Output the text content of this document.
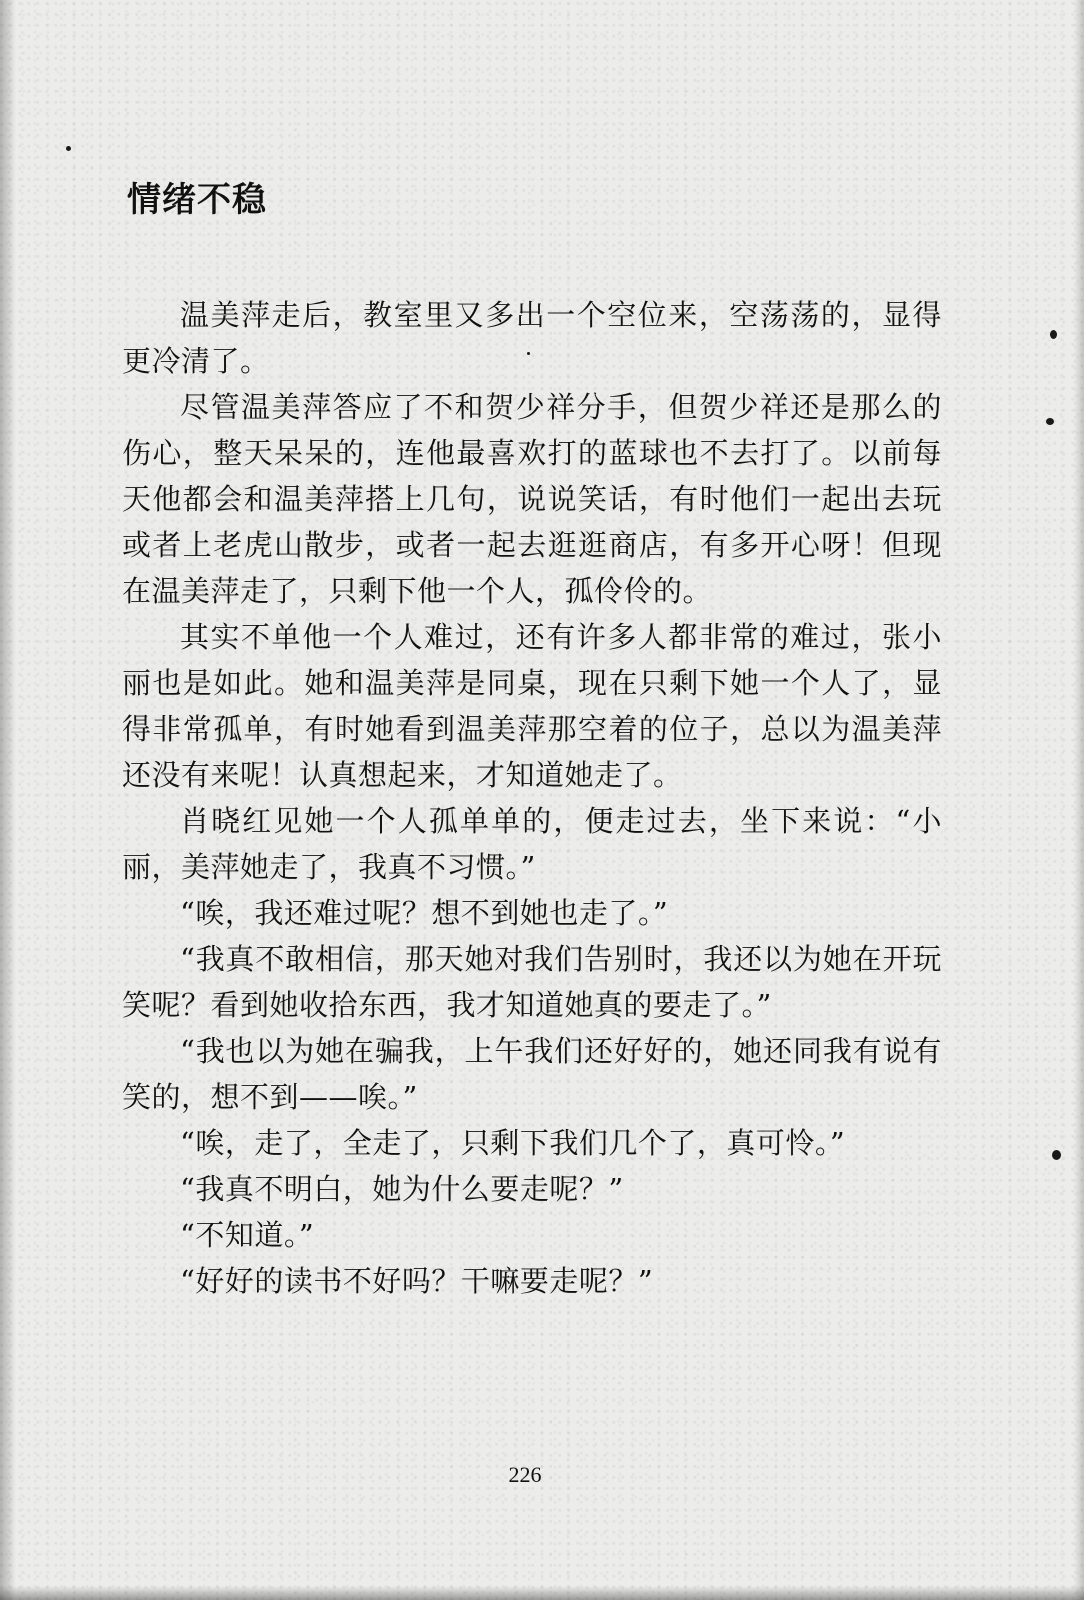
情绪不稳

温美萍走后，教室里又多出一个空位来，空荡荡的，显得更冷清了。

尽管温美萍答应了不和贺少祥分手，但贺少祥还是那么的伤心，整天呆呆的，连他最喜欢打的蓝球也不去打了。以前每天他都会和温美萍搭上几句，说说笑话，有时他们一起出去玩或者上老虎山散步，或者一起去逛逛商店，有多开心呀！但现在温美萍走了，只剩下他一个人，孤伶伶的。

其实不单他一个人难过，还有许多人都非常的难过，张小丽也是如此。她和温美萍是同桌，现在只剩下她一个人了，显得非常孤单，有时她看到温美萍那空着的位子，总以为温美萍还没有来呢！认真想起来，才知道她走了。

肖晓红见她一个人孤单单的，便走过去，坐下来说：“小丽，美萍她走了，我真不习惯。”

“唉，我还难过呢？想不到她也走了。”

“我真不敢相信，那天她对我们告别时，我还以为她在开玩笑呢？看到她收拾东西，我才知道她真的要走了。”

“我也以为她在骗我，上午我们还好好的，她还同我有说有笑的，想不到——唉。”

“唉，走了，全走了，只剩下我们几个了，真可怜。”

“我真不明白，她为什么要走呢？”

“不知道。”

“好好的读书不好吗？干嘛要走呢？”

226
